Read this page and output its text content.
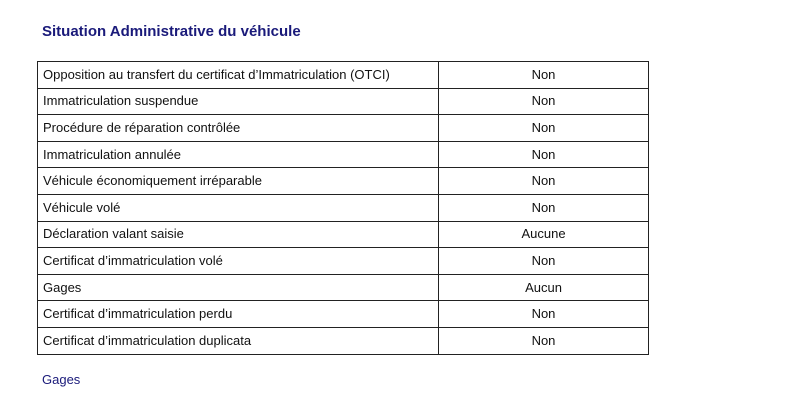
Situation Administrative du véhicule
Opposition au transfert du certificat d’Immatriculation (OTCI)	Non
Immatriculation suspendue	Non
Procédure de réparation contrôlée	Non
Immatriculation annulée	Non
Véhicule économiquement irréparable	Non
Véhicule volé	Non
Déclaration valant saisie	Aucune
Certificat d’immatriculation volé	Non
Gages	Aucun
Certificat d’immatriculation perdu	Non
Certificat d’immatriculation duplicata	Non
Gages
